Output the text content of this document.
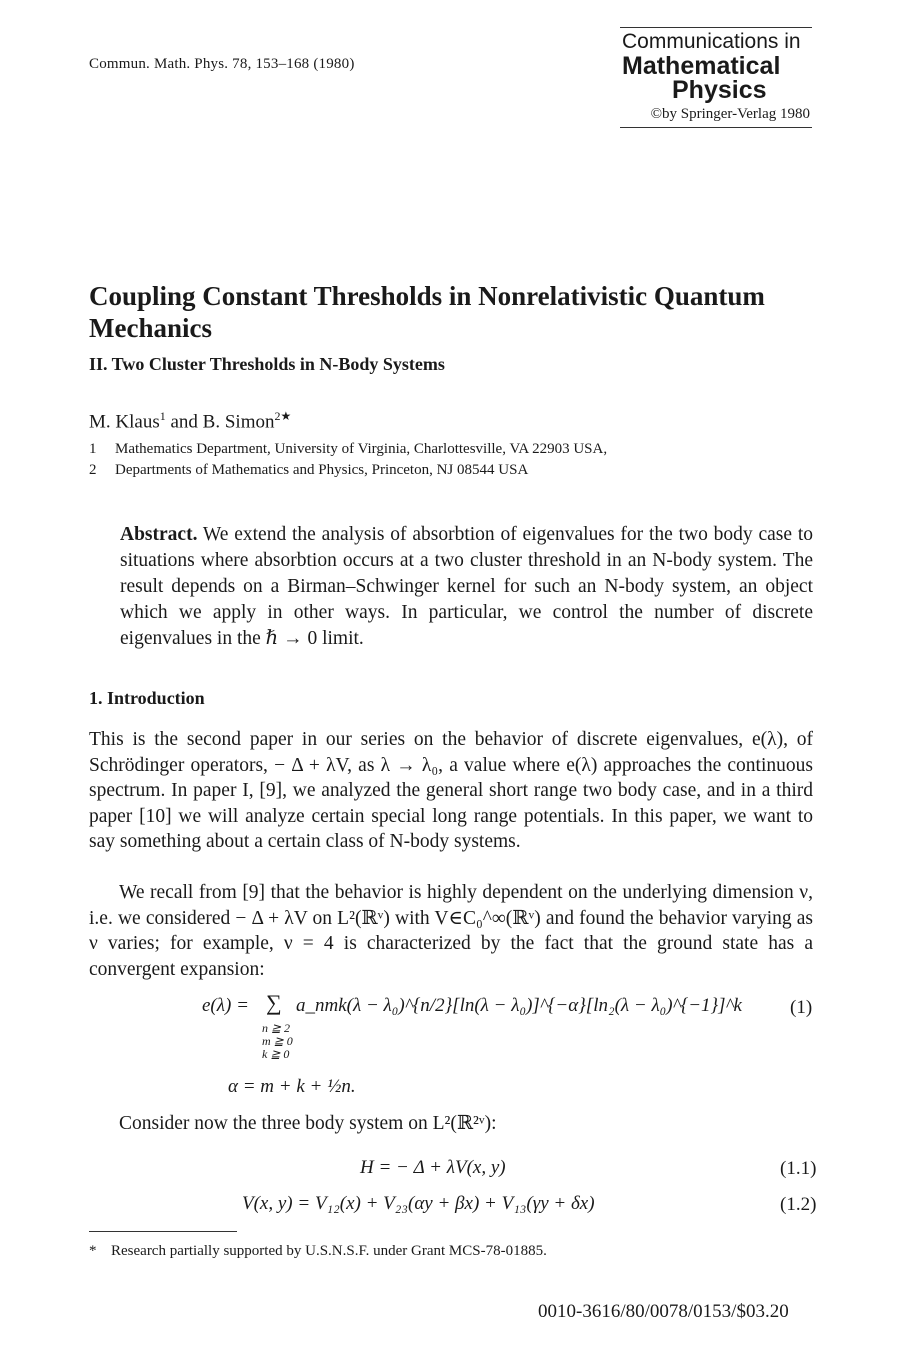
Commun. Math. Phys. 78, 153–168 (1980)
Communications in
Mathematical
Physics
©by Springer-Verlag 1980
Coupling Constant Thresholds in Nonrelativistic Quantum Mechanics
II. Two Cluster Thresholds in N-Body Systems
M. Klaus$^1$ and B. Simon$^{2★}$
1 Mathematics Department, University of Virginia, Charlottesville, VA 22903 USA,
2 Departments of Mathematics and Physics, Princeton, NJ 08544 USA
Abstract. We extend the analysis of absorbtion of eigenvalues for the two body case to situations where absorbtion occurs at a two cluster threshold in an N-body system. The result depends on a Birman–Schwinger kernel for such an N-body system, an object which we apply in other ways. In particular, we control the number of discrete eigenvalues in the ℏ → 0 limit.
1. Introduction
This is the second paper in our series on the behavior of discrete eigenvalues, e(λ), of Schrödinger operators, − Δ + λV, as λ → λ₀, a value where e(λ) approaches the continuous spectrum. In paper I, [9], we analyzed the general short range two body case, and in a third paper [10] we will analyze certain special long range potentials. In this paper, we want to say something about a certain class of N-body systems.
We recall from [9] that the behavior is highly dependent on the underlying dimension ν, i.e. we considered − Δ + λV on L²(ℝᵛ) with V∈C₀^∞(ℝᵛ) and found the behavior varying as ν varies; for example, ν = 4 is characterized by the fact that the ground state has a convergent expansion:
e(λ) = ∑ a_nmk(λ − λ₀)^{n/2}[ln(λ − λ₀)]^{−α}[ln₂(λ − λ₀)^{−1}]^k
n ≧ 2
m ≧ 0
k ≧ 0
(1)
α = m + k + ½n.
Consider now the three body system on L²(ℝ²ᵛ):
H = − Δ + λV(x, y)	(1.1)
V(x, y) = V₁₂(x) + V₂₃(αy + βx) + V₁₃(γy + δx)	(1.2)
* Research partially supported by U.S.N.S.F. under Grant MCS-78-01885.
0010-3616/80/0078/0153/$03.20
